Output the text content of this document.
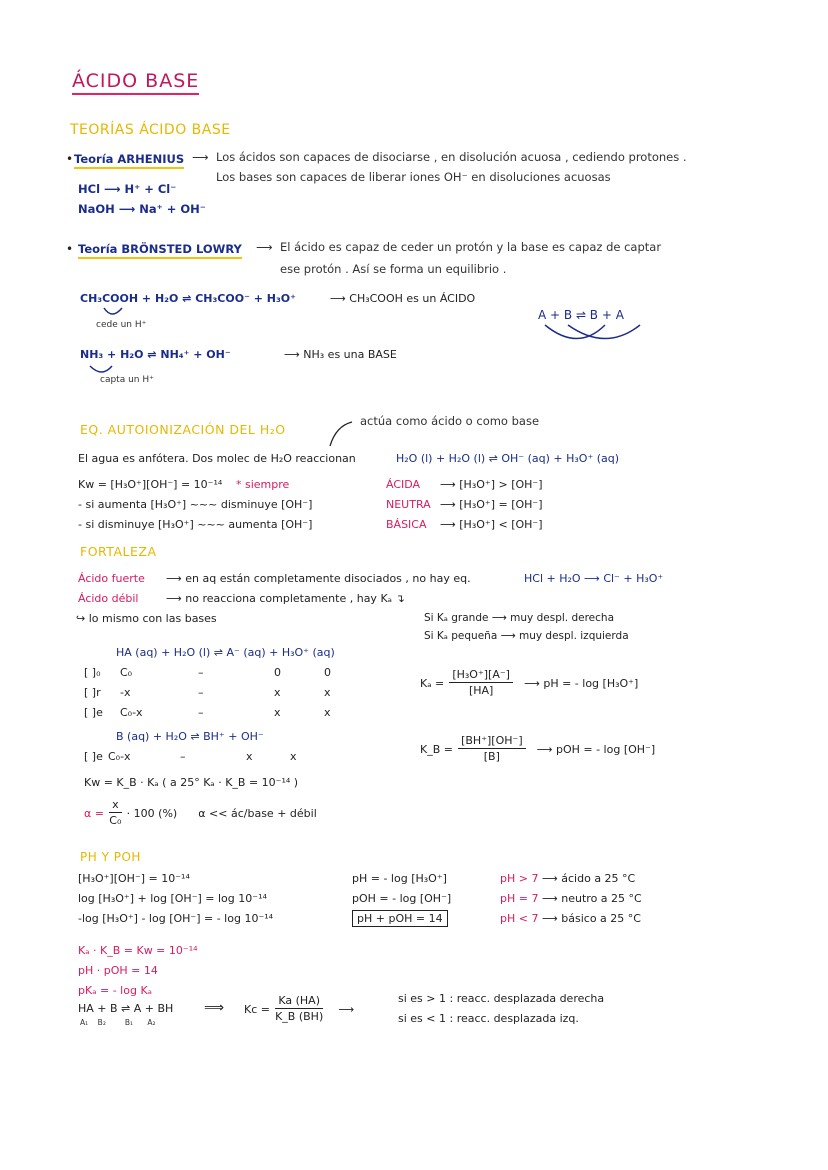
ÁCIDO BASE
TEORÍAS ÁCIDO BASE
• Teoría ARHENIUS ⟶ Los ácidos son capaces de disociarse , en disolución acuosa , cediendo protones .
Los bases son capaces de liberar iones OH⁻ en disoluciones acuosas
HCl ⟶ H⁺ + Cl⁻
NaOH ⟶ Na⁺ + OH⁻
• Teoría BRÖNSTED LOWRY ⟶ El ácido es capaz de ceder un protón y la base es capaz de captar
ese protón . Así se forma un equilibrio .
CH₃COOH + H₂O ⇌ CH₃COO⁻ + H₃O⁺	⟶ CH₃COOH es un ÁCIDO
cede un H⁺
A + B ⇌ B + A
NH₃ + H₂O ⇌ NH₄⁺ + OH⁻	⟶ NH₃ es una BASE
capta un H⁺
EQ. AUTOIONIZACIÓN DEL H₂O
actúa como ácido o como base
El agua es anfótera. Dos molec de H₂O reaccionan	H₂O (l) + H₂O (l) ⇌ OH⁻ (aq) + H₃O⁺ (aq)
Kw = [H₃O⁺][OH⁻] = 10⁻¹⁴ * siempre
- si aumenta [H₃O⁺] ~~~ disminuye [OH⁻]
- si disminuye [H₃O⁺] ~~~ aumenta [OH⁻]
ÁCIDA ⟶ [H₃O⁺] > [OH⁻]
NEUTRA ⟶ [H₃O⁺] = [OH⁻]
BÁSICA ⟶ [H₃O⁺] < [OH⁻]
FORTALEZA
Ácido fuerte ⟶ en aq están completamente disociados , no hay eq.	HCl + H₂O ⟶ Cl⁻ + H₃O⁺
Ácido débil	⟶ no reacciona completamente , hay Kₐ ↴
↪ lo mismo con las bases	Si Kₐ grande ⟶ muy despl. derecha
Si Kₐ pequeña ⟶ muy despl. izquierda
HA (aq) + H₂O (l) ⇌ A⁻ (aq) + H₃O⁺ (aq)
[ ]₀ C₀	–	0	0
[ ]r -x	–	x	x
[ ]e C₀-x	–	x	x
$K_a = \frac{\text{[H₃O⁺][A⁻]}}{[HA]}$ ⟶ pH = - log [H₃O⁺]
B (aq) + H₂O ⇌ BH⁺ + OH⁻
[ ]e C₀-x	–	x	x
K_B = $\frac{[BH^+][OH^-]}{[B]}$ ⟶ pOH = - log [OH⁻]
Kw = K_B · Kₐ ( a 25° Kₐ · K_B = 10⁻¹⁴ )
$\alpha = \frac{x}{\text{C₀}} \cdot 100$ (%) α << ác/base + débil
PH Y POH
[H₃O⁺][OH⁻] = 10⁻¹⁴
log [H₃O⁺] + log [OH⁻] = log 10⁻¹⁴
-log [H₃O⁺] - log [OH⁻] = - log 10⁻¹⁴
pH = - log [H₃O⁺]
pOH = - log [OH⁻]
pH + pOH = 14
pH > 7 ⟶ ácido a 25 °C
pH = 7 ⟶ neutro a 25 °C
pH < 7 ⟶ básico a 25 °C
Kₐ · K_B = Kw = 10⁻¹⁴
pH · pOH = 14
pKₐ = - log Kₐ
HA + B ⇌ A + BH
A₁    B₂        B₁      A₂
⟹ $Kc = \frac{Ka (HA)}{K\_B (BH)}$ ⟶
si es > 1 : reacc. desplazada derecha
si es < 1 : reacc. desplazada izq.
